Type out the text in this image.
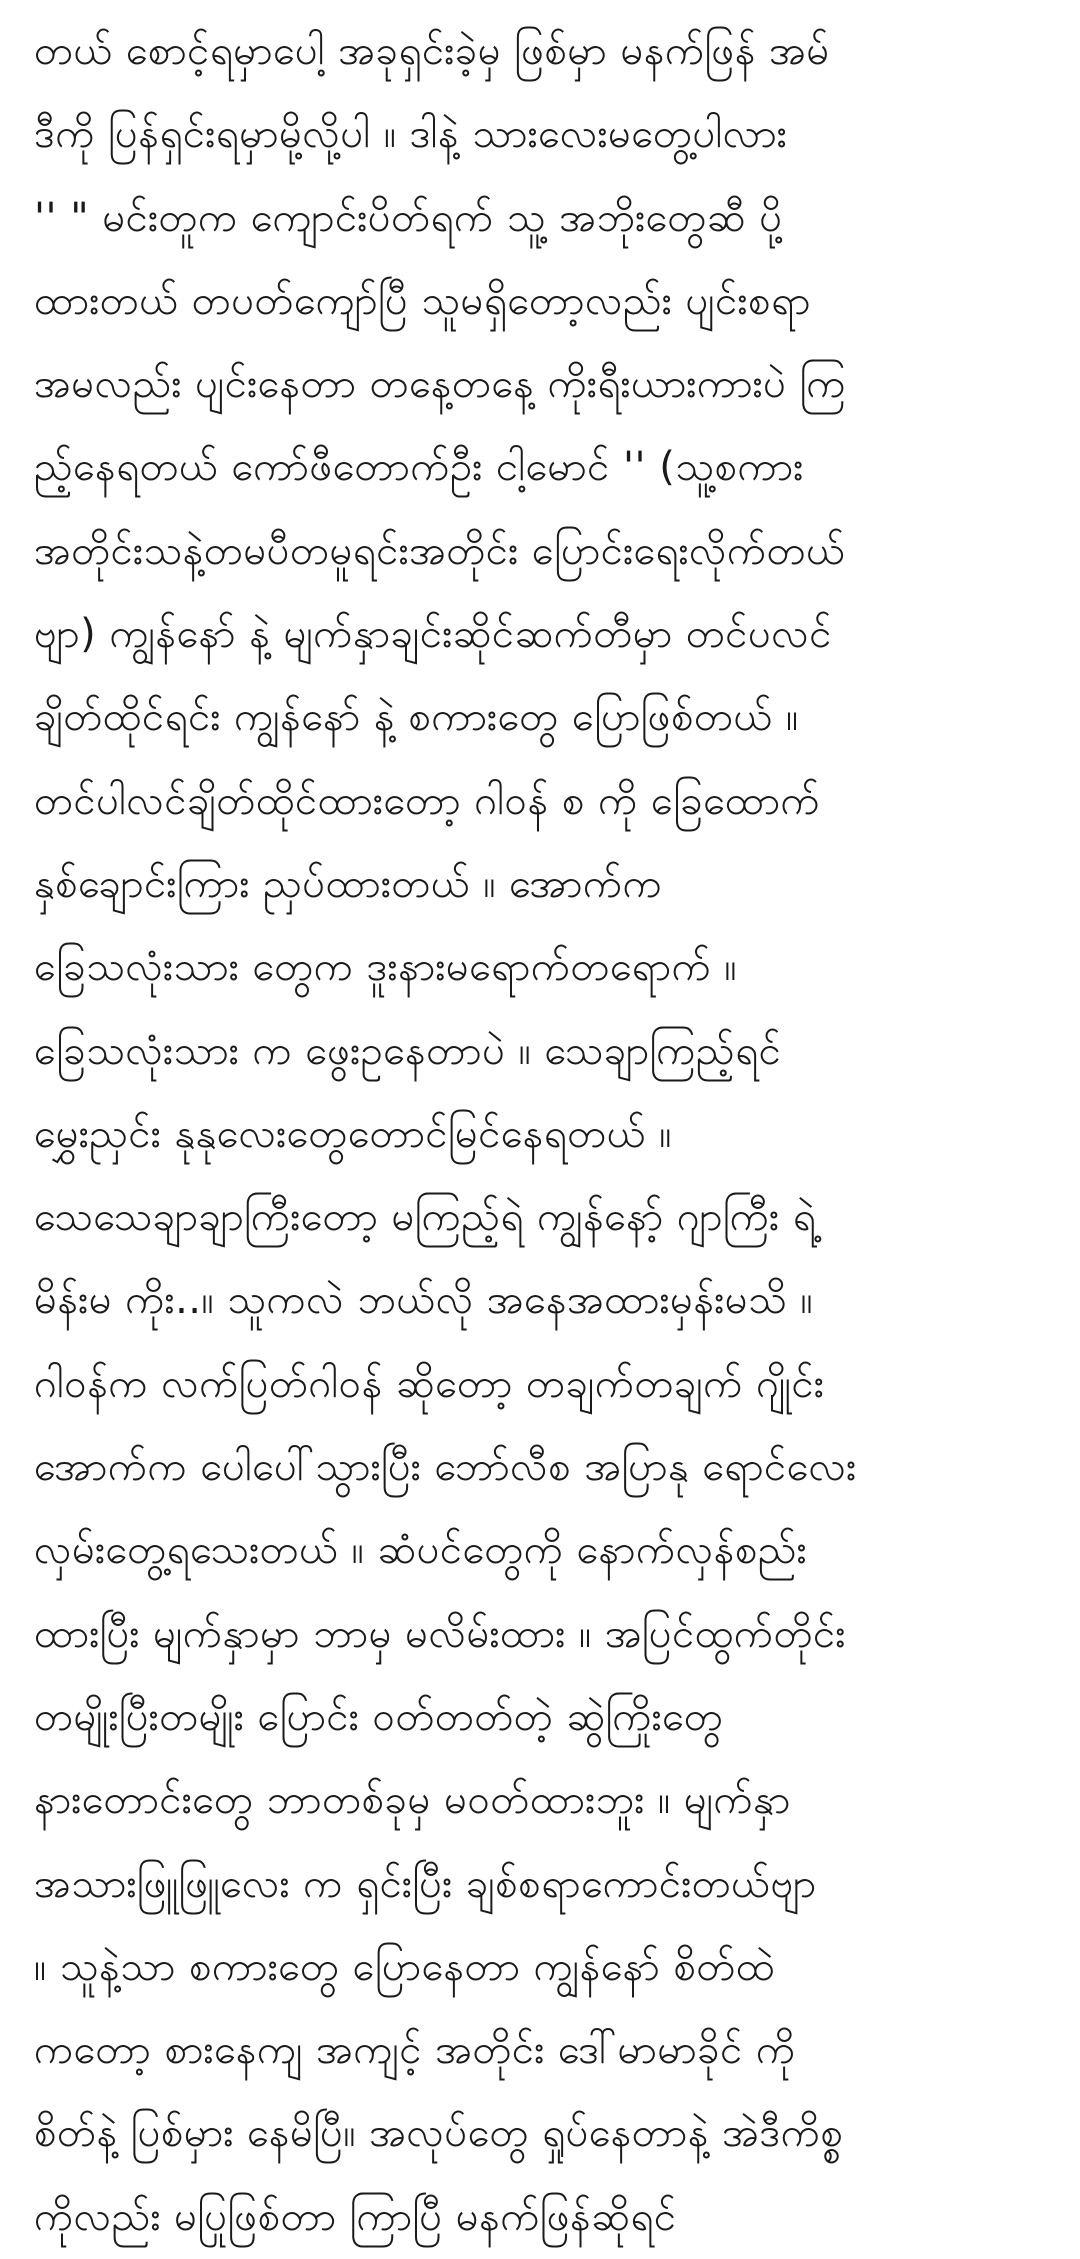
တယ် စောင့်ရမှာပေါ့ အခုရှင်းခဲ့မှ ဖြစ်မှာ မနက်ဖြန် အမ်
ဒီကို ပြန်ရှင်းရမှာမို့လို့ပါ ။ ဒါနဲ့ သားလေးမတွေ့ပါလား
'' " မင်းတူက ကျောင်းပိတ်ရက် သူ့ အဘိုးတွေဆီ ပို့
ထားတယ် တပတ်ကျော်ပြီ သူမရှိတော့လည်း ပျင်းစရာ
အမလည်း ပျင်းနေတာ တနေ့တနေ့ ကိုးရီးယားကားပဲ ကြ
ည့်နေရတယ် ကော်ဖီတောက်ဦး ငါ့မောင် '' (သူ့စကား
အတိုင်းသနဲ့တမပီတမူရင်းအတိုင်း ပြောင်းရေးလိုက်တယ်
ဗျာ) ကျွန်နော် နဲ့ မျက်နှာချင်းဆိုင်ဆက်တီမှာ တင်ပလင်
ချိတ်ထိုင်ရင်း ကျွန်နော် နဲ့ စကားတွေ ပြောဖြစ်တယ် ။
တင်ပါလင်ချိတ်ထိုင်ထားတော့ ဂါဝန် စ ကို ခြေထောက်
နှစ်ချောင်းကြား ညှပ်ထားတယ် ။ အောက်က
ခြေသလုံးသား တွေက ဒူးနားမရောက်တရောက် ။
ခြေသလုံးသား က ဖွေးဥနေတာပဲ ။ သေချာကြည့်ရင်
မွှေးညှင်း နုနုလေးတွေတောင်မြင်နေရတယ် ။
သေသေချာချာကြီးတော့ မကြည့်ရဲ ကျွန်နော့် ဂျာကြီး ရဲ့
မိန်းမ ကိုး..။ သူကလဲ ဘယ်လို အနေအထားမှန်းမသိ ။
ဂါဝန်က လက်ပြတ်ဂါဝန် ဆိုတော့ တချက်တချက် ဂျိုင်း
အောက်က ပေါပေါ်သွားပြီး ဘော်လီစ အပြာနု ရောင်လေး
လှမ်းတွေ့ရသေးတယ် ။ ဆံပင်တွေကို နောက်လှန်စည်း
ထားပြီး မျက်နှာမှာ ဘာမှ မလိမ်းထား ။ အပြင်ထွက်တိုင်း
တမျိုးပြီးတမျိုး ပြောင်း ဝတ်တတ်တဲ့ ဆွဲကြိုးတွေ
နားတောင်းတွေ ဘာတစ်ခုမှ မဝတ်ထားဘူး ။ မျက်နှာ
အသားဖြူဖြူလေး က ရှင်းပြီး ချစ်စရာကောင်းတယ်ဗျာ
။ သူနဲ့သာ စကားတွေ ပြောနေတာ ကျွန်နော် စိတ်ထဲ
ကတော့ စားနေကျ အကျင့် အတိုင်း ဒေါ်မာမာခိုင် ကို
စိတ်နဲ့ ပြစ်မှား နေမိပြီ။ အလုပ်တွေ ရှုပ်နေတာနဲ့ အဲဒီကိစ္စ
ကိုလည်း မပြုဖြစ်တာ ကြာပြီ မနက်ဖြန်ဆိုရင်
